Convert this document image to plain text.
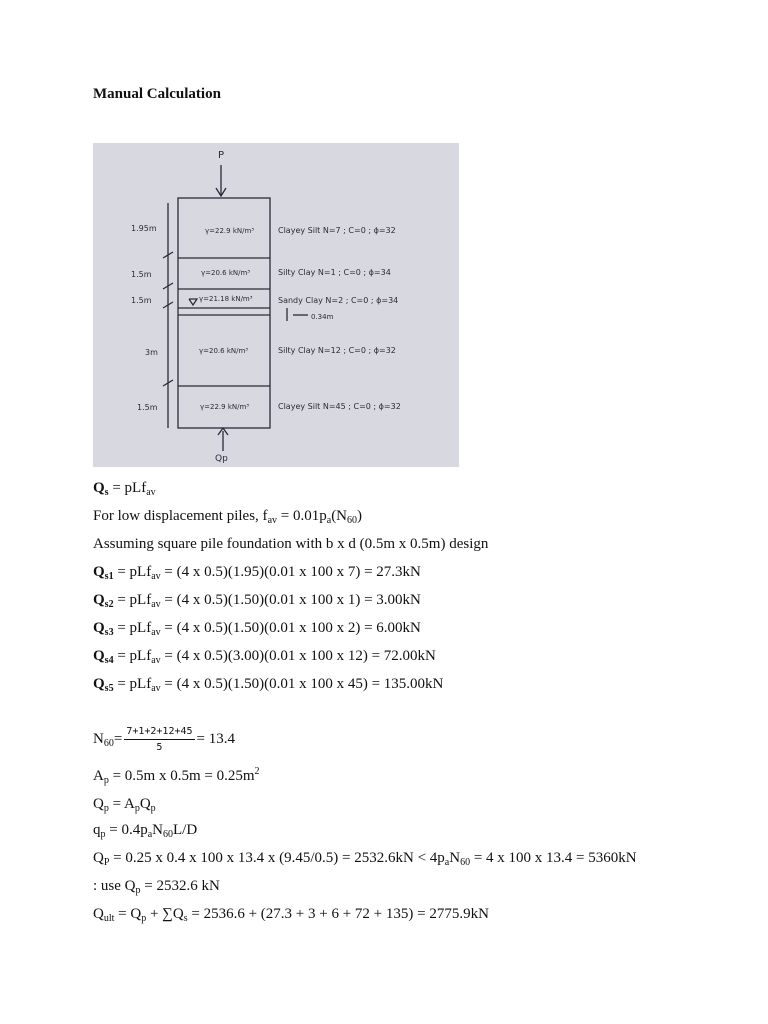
Manual Calculation
P
Qp
0.34m
1.95m
1.5m
1.5m
3m
1.5m
γ=22.9 kN/m³
γ=20.6 kN/m³
γ=21.18 kN/m³
γ=20.6 kN/m³
γ=22.9 kN/m³
Clayey Silt N=7 ; C=0 ; ϕ=32
Silty Clay N=1 ; C=0 ; ϕ=34
Sandy Clay N=2 ; C=0 ; ϕ=34
Silty Clay N=12 ; C=0 ; ϕ=32
Clayey Silt N=45 ; C=0 ; ϕ=32
$Q_s = pLf_{av}$
For low displacement piles, $f_{av} = 0.01p_a(N_{60})$
Assuming square pile foundation with b x d (0.5m x 0.5m) design
$Q_{s1} = pLf_{av} = (4$ x 0.5)(1.95)(0.01 x 100 x 7) = 27.3kN
$Q_{s2} = pLf_{av} = (4$ x 0.5)(1.50)(0.01 x 100 x 1) = 3.00kN
$Q_{s3} = pLf_{av} = (4$ x 0.5)(1.50)(0.01 x 100 x 2) = 6.00kN
$Q_{s4} = pLf_{av} = (4$ x 0.5)(3.00)(0.01 x 100 x 12) = 72.00kN
$Q_{s5} = pLf_{av} = (4$ x 0.5)(1.50)(0.01 x 100 x 45) = 135.00kN
$N_{60}= \frac{7+1+2+12+45}{5} = 13.4$
$A_p = 0.5m$ x $0.5m = 0.25m^2$
$Q_p = A_pQ_p$
$q_p = 0.4p_aN_{60}L/D$
$Q_P = 0.25$ x 0.4 x 100 x 13.4 x $(9.45/0.5) = 2532.6kN < 4p_aN_{60} = 4$ x 100 x 13.4 = 5360kN
: use $Q_p = 2532.6$ kN
$Q_{ult} = Q_p + \sum Q_s = 2536.6 + (27.3 + 3 + 6 + 72 + 135) = 2775.9kN$
